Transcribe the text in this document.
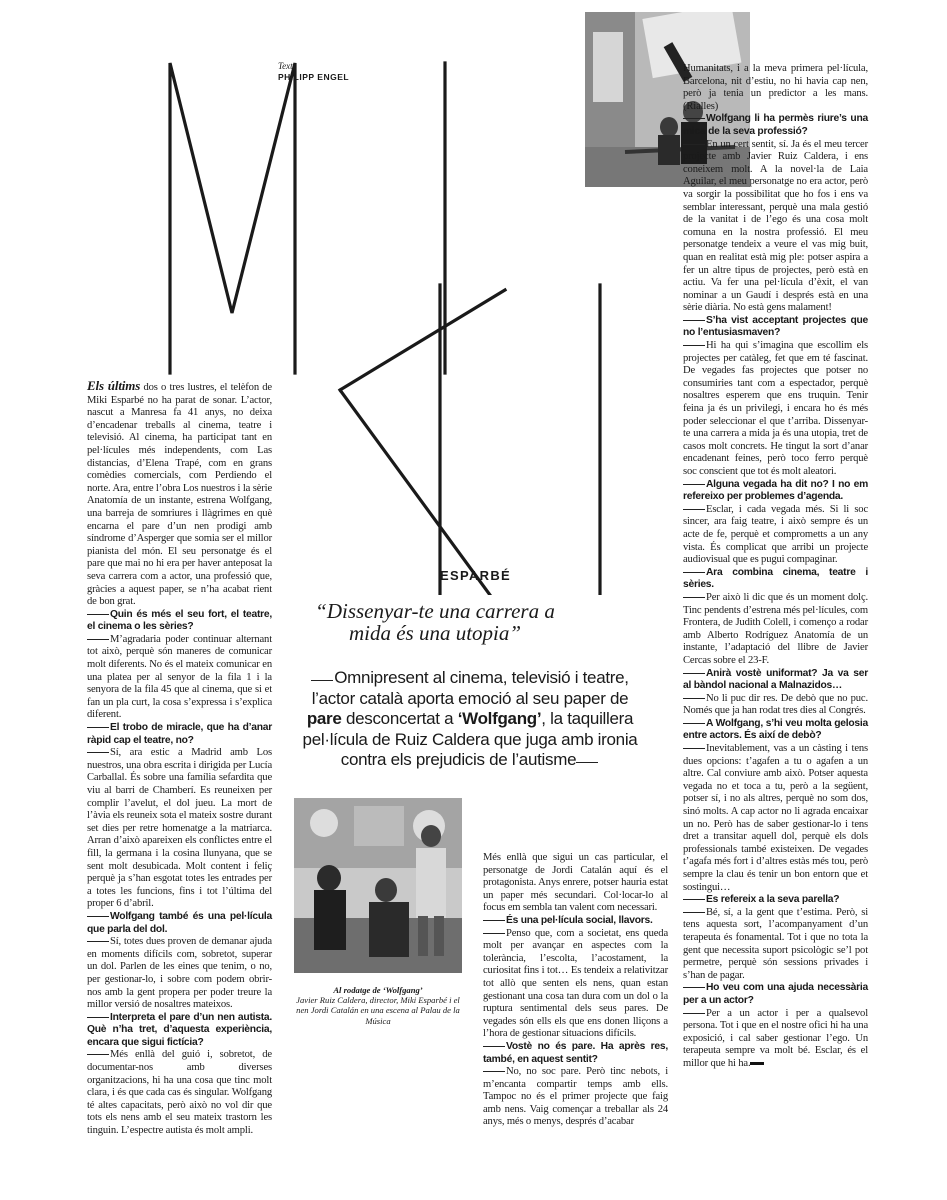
Text
PHILIPP ENGEL
ESPARBÉ
“Dissenyar-te una carrera a mida és una utopia”
Omnipresent al cinema, televisió i teatre, l’actor català aporta emoció al seu paper de pare desconcertat a ‘Wolfgang’, la taquillera pel·lícula de Ruiz Caldera que juga amb ironia contra els prejudicis de l’autisme
Al rodatge de ‘Wolfgang’
Javier Ruiz Caldera, director, Miki Esparbé i el nen Jordi Catalán en una escena al Palau de la Música

Els últims dos o tres lustres, el telèfon de Miki Esparbé no ha parat de sonar. L’actor, nascut a Manresa fa 41 anys, no deixa d’encadenar treballs al cinema, teatre i televisió. Al cinema, ha participat tant en pel·lícules més independents, com Las distancias, d’Elena Trapé, com en grans comèdies comercials, com Perdiendo el norte. Ara, entre l’obra Los nuestros i la sèrie Anatomía de un instante, estrena Wolfgang, una barreja de somriures i llàgrimes en què encarna el pare d’un nen prodigi amb síndrome d’Asperger que somia ser el millor pianista del món. El seu personatge és el pare que mai no hi era per haver anteposat la seva carrera com a actor, una professió que, gràcies a aquest paper, se n’ha acabat rient de bon grat.

Quin és més el seu fort, el teatre, el cinema o les sèries?

M’agradaria poder continuar alternant tot això, perquè són maneres de comunicar molt diferents. No és el mateix comunicar en una platea per al senyor de la fila 1 i la senyora de la fila 45 que al cinema, que si et fan un pla curt, la cosa s’expressa i s’explica diferent.

El trobo de miracle, que ha d’anar ràpid cap el teatre, no?

Sí, ara estic a Madrid amb Los nuestros, una obra escrita i dirigida per Lucía Carballal. És sobre una família sefardita que viu al barri de Chamberí. Es reuneixen per complir l’avelut, el dol jueu. La mort de l’àvia els reuneix sota el mateix sostre durant set dies per retre homenatge a la matriarca. Arran d’això apareixen els conflictes entre el fill, la germana i la cosina llunyana, que se sent molt desubicada. Molt content i feliç perquè ja s’han esgotat totes les entrades per a totes les funcions, fins i tot l’última del proper 6 d’abril.

Wolfgang també és una pel·lícula que parla del dol.

Sí, totes dues proven de demanar ajuda en moments difícils com, sobretot, superar un dol. Parlen de les eines que tenim, o no, per gestionar-lo, i sobre com podem obrir-nos amb la gent propera per poder treure la millor versió de nosaltres mateixos.

Interpreta el pare d’un nen autista. Què n’ha tret, d’aquesta experiència, encara que sigui fictícia?

Més enllà del guió i, sobretot, de documentar-nos amb diverses organitzacions, hi ha una cosa que tinc molt clara, i és que cada cas és singular. Wolfgang té altes capacitats, però això no vol dir que tots els nens amb el seu mateix trastorn les tinguin. L’espectre autista és molt ampli.

Més enllà que sigui un cas particular, el personatge de Jordi Catalán aquí és el protagonista. Anys enrere, potser hauria estat un paper més secundari. Col·locar-lo al focus em sembla tan valent com necessari.

És una pel·lícula social, llavors.

Penso que, com a societat, ens queda molt per avançar en aspectes com la tolerància, l’escolta, l’acostament, la curiositat fins i tot… Es tendeix a relativitzar tot allò que senten els nens, quan estan gestionant una cosa tan dura com un dol o la ruptura sentimental dels seus pares. De vegades són ells els que ens donen lliçons a l’hora de gestionar situacions difícils.

Vostè no és pare. Ha après res, també, en aquest sentit?

No, no soc pare. Però tinc nebots, i m’encanta compartir temps amb ells. Tampoc no és el primer projecte que faig amb nens. Vaig començar a treballar als 24 anys, més o menys, després d’acabar

Humanitats, i a la meva primera pel·lícula, Barcelona, nit d’estiu, no hi havia cap nen, però ja tenia un predictor a les mans. (Rialles)

Wolfgang li ha permès riure’s una mica de la seva professió?

En un cert sentit, sí. Ja és el meu tercer projecte amb Javier Ruiz Caldera, i ens coneixem molt. A la novel·la de Laia Aguilar, el meu personatge no era actor, però va sorgir la possibilitat que ho fos i ens va semblar interessant, perquè una mala gestió de la vanitat i de l’ego és una cosa molt comuna en la nostra professió. El meu personatge tendeix a veure el vas mig buit, quan en realitat està mig ple: potser aspira a fer un altre tipus de projectes, però està en actiu. Va fer una pel·lícula d’èxit, el van nominar a un Gaudí i després està en una sèrie diària. No està gens malament!

S’ha vist acceptant projectes que no l’entusiasmaven?

Hi ha qui s’imagina que escollim els projectes per catàleg, fet que em té fascinat. De vegades fas projectes que potser no consumiries tant com a espectador, perquè nosaltres esperem que ens truquin. Tenir feina ja és un privilegi, i encara ho és més poder seleccionar el que t’arriba. Dissenyar-te una carrera a mida ja és una utopia, tret de casos molt concrets. He tingut la sort d’anar encadenant feines, però toco ferro perquè soc conscient que tot és molt aleatori.

Alguna vegada ha dit no? I no em refereixo per problemes d’agenda.

Esclar, i cada vegada més. Si li soc sincer, ara faig teatre, i això sempre és un acte de fe, perquè et comprometts a un any vista. És complicat que arribi un projecte audiovisual que es pugui compaginar.

Ara combina cinema, teatre i sèries.

Per això li dic que és un moment dolç. Tinc pendents d’estrena més pel·lícules, com Frontera, de Judith Colell, i començo a rodar amb Alberto Rodríguez Anatomía de un instante, l’adaptació del llibre de Javier Cercas sobre el 23-F.

Anirà vostè uniformat? Ja va ser al bàndol nacional a Malnazidos…

No li puc dir res. De debò que no puc. Només que ja han rodat tres dies al Congrés.

A Wolfgang, s’hi veu molta gelosia entre actors. És així de debò?

Inevitablement, vas a un càsting i tens dues opcions: t’agafen a tu o agafen a un altre. Cal conviure amb això. Potser aquesta vegada no et toca a tu, però a la següent, potser sí, i no als altres, perquè no som dos, sinó molts. A cap actor no li agrada encaixar un no. Però has de saber gestionar-lo i tens dret a transitar aquell dol, perquè els dols professionals també existeixen. De vegades t’agafa més fort i d’altres estàs més tou, però sempre la clau és tenir un bon entorn que et sostingui…

Es refereix a la seva parella?

Bé, sí, a la gent que t’estima. Però, si tens aquesta sort, l’acompanyament d’un terapeuta és fonamental. Tot i que no tota la gent que necessita suport psicològic se’l pot permetre, perquè són sessions privades i s’han de pagar.

Ho veu com una ajuda necessària per a un actor?

Per a un actor i per a qualsevol persona. Tot i que en el nostre ofici hi ha una exposició, i cal saber gestionar l’ego. Un terapeuta sempre va molt bé. Esclar, és el millor que hi ha.
